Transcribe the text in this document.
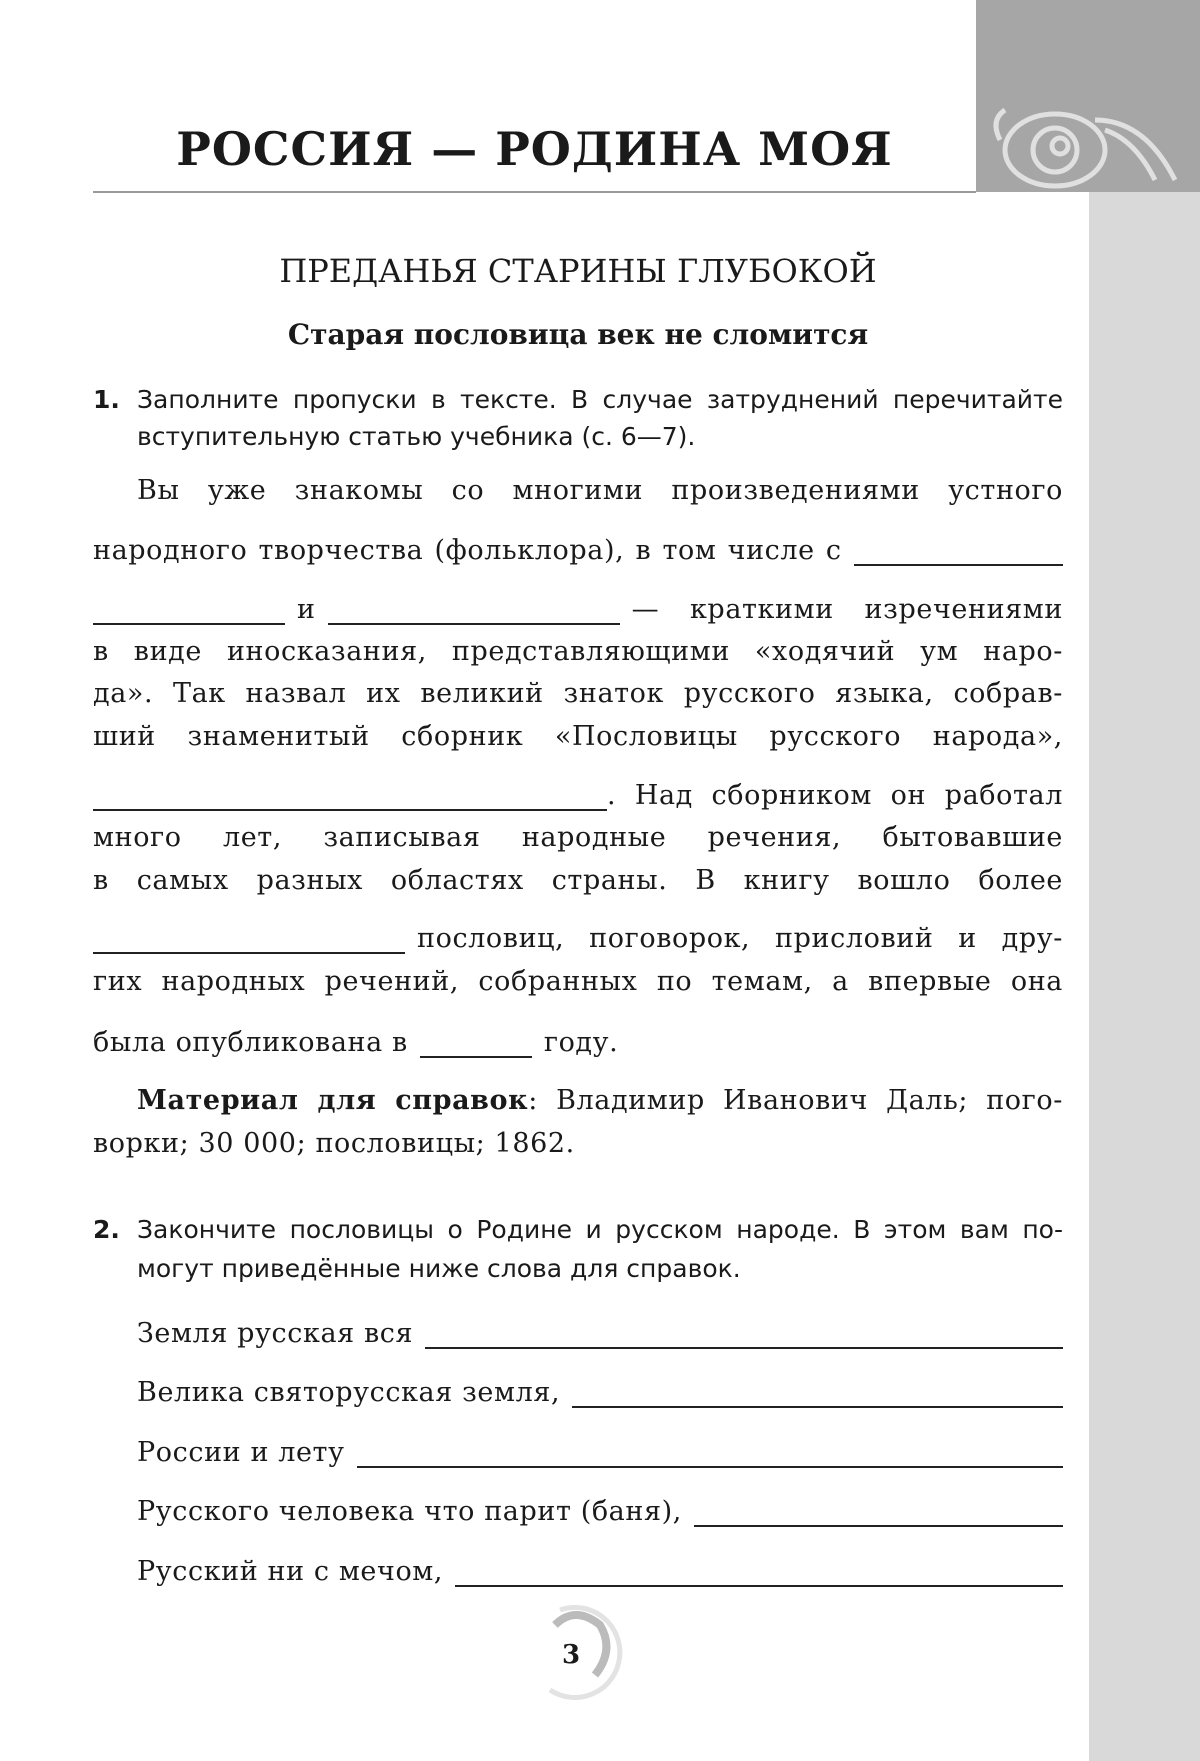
РОССИЯ — РОДИНА МОЯ
ПРЕДАНЬЯ СТАРИНЫ ГЛУБОКОЙ
Старая пословица век не сломится
1. Заполните пропуски в тексте. В случае затруднений перечитайте
вступительную статью учебника (с. 6—7).
Вы уже знакомы со многими произведениями устного
народного творчества (фольклора), в том числе с
и	— краткими изречениями
в виде иносказания, представляющими «ходячий ум наро-
да». Так назвал их великий знаток русского языка, собрав-
ший знаменитый сборник «Пословицы русского народа»,
. Над сборником он работал
много лет, записывая народные речения, бытовавшие
в самых разных областях страны. В книгу вошло более
пословиц, поговорок, присловий и дру-
гих народных речений, собранных по темам, а впервые она
была опубликована в	году.
Материал для справок: Владимир Иванович Даль; пого-
ворки; 30 000; пословицы; 1862.
2. Закончите пословицы о Родине и русском народе. В этом вам по-
могут приведённые ниже слова для справок.
Земля русская вся
Великa святорусская земля,
России и лету
Русского человека что парит (баня),
Русский ни с мечом,
3
